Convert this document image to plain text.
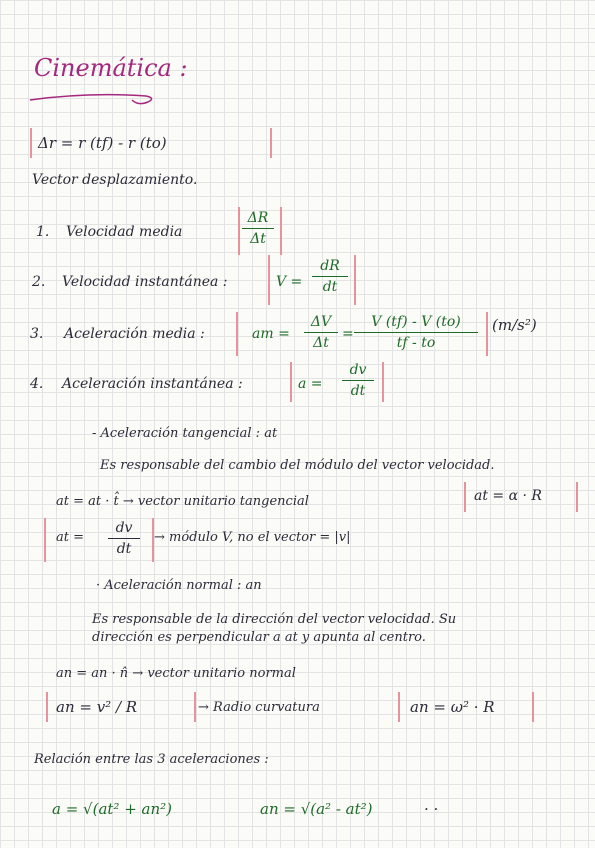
Cinemática :
Δr = r (tf) - r (to)
Vector desplazamiento.
1. Velocidad media	$\frac{\Delta R}{\Delta t}$
2. Velocidad instantánea :	$V = \frac{dR}{dt}$
3. Aceleración media :	am = $\frac{\Delta V}{\Delta t} = \frac{V (tf) - V (to)}{tf - to} (m/s^2)$
4. Aceleración instantánea :	$a = \frac{dv}{dt}$
- Aceleración tangencial : at
Es responsable del cambio del módulo del vector velocidad.
at = at · t̂ → vector unitario tangencial	at = α · R
at = $\frac{dv}{dt}$ → módulo V, no el vector = |v|
· Aceleración normal : an
Es responsable de la dirección del vector velocidad. Su
dirección es perpendicular a at y apunta al centro.
an = an · n̂ → vector unitario normal
an = v² / R	→ Radio curvatura	an = ω² · R
Relación entre las 3 aceleraciones :
a = √(at² + an²)	an = √(a² - at²)	· ·
